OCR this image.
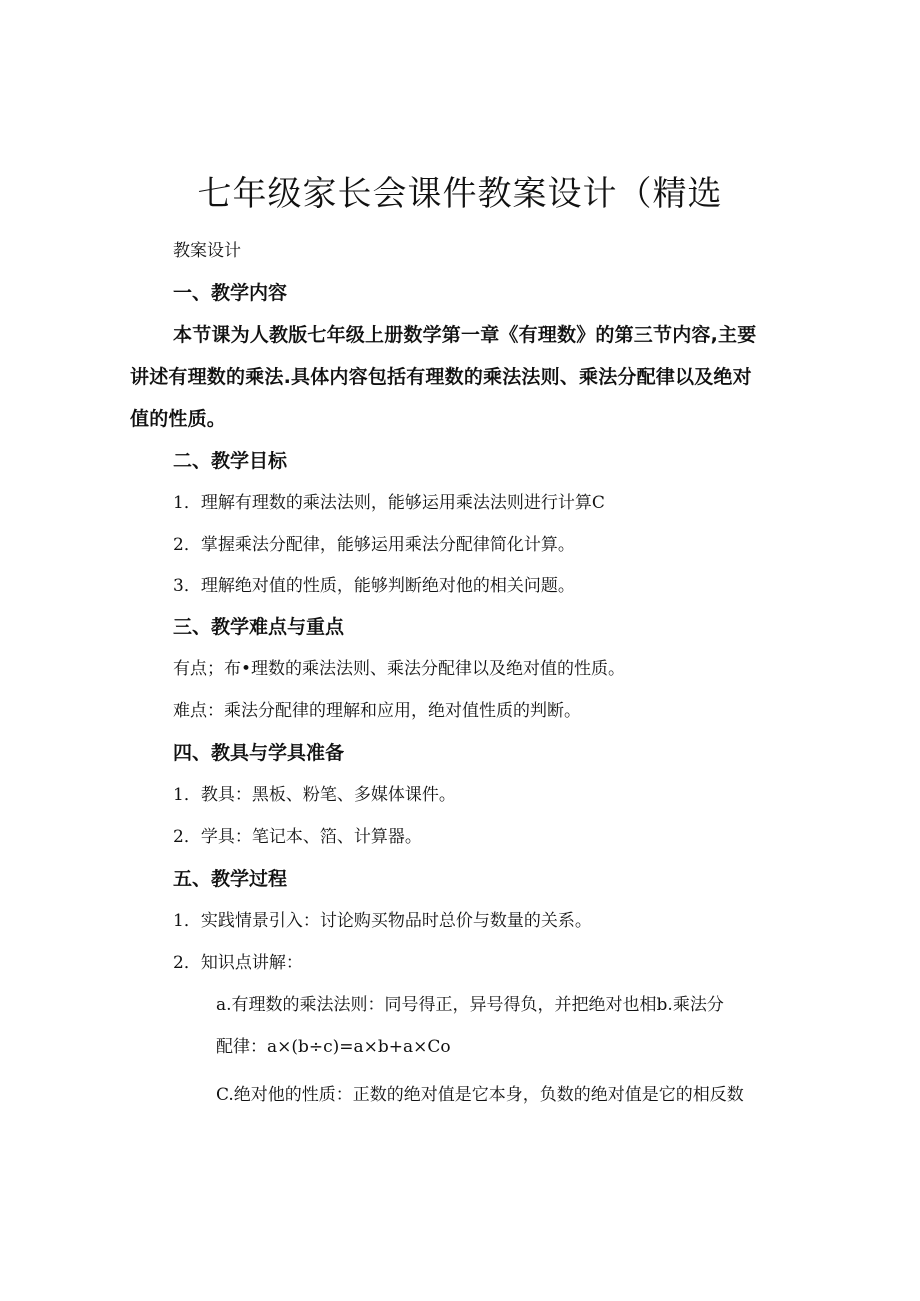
七年级家长会课件教案设计（精选
教案设计
一、教学内容
本节课为人教版七年级上册数学第一章《有理数》的第三节内容,主要
讲述有理数的乘法.具体内容包括有理数的乘法法则、乘法分配律以及绝对
值的性质。
二、教学目标
1．理解有理数的乘法法则，能够运用乘法法则进行计算C
2．掌握乘法分配律，能够运用乘法分配律简化计算。
3．理解绝对值的性质，能够判断绝对他的相关问题。
三、教学难点与重点
有点；布•理数的乘法法则、乘法分配律以及绝对值的性质。
难点：乘法分配律的理解和应用，绝对值性质的判断。
四、教具与学具准备
1．教具：黑板、粉笔、多媒体课件。
2．学具：笔记本、箔、计算器。
五、教学过程
1．实践情景引入：讨论购买物品时总价与数量的关系。
2．知识点讲解：
a.有理数的乘法法则：同号得正，异号得负，并把绝对也相b.乘法分
配律：a×(b÷c)=a×b+a×Co
C.绝对他的性质：正数的绝对值是它本身，负数的绝对值是它的相反数
